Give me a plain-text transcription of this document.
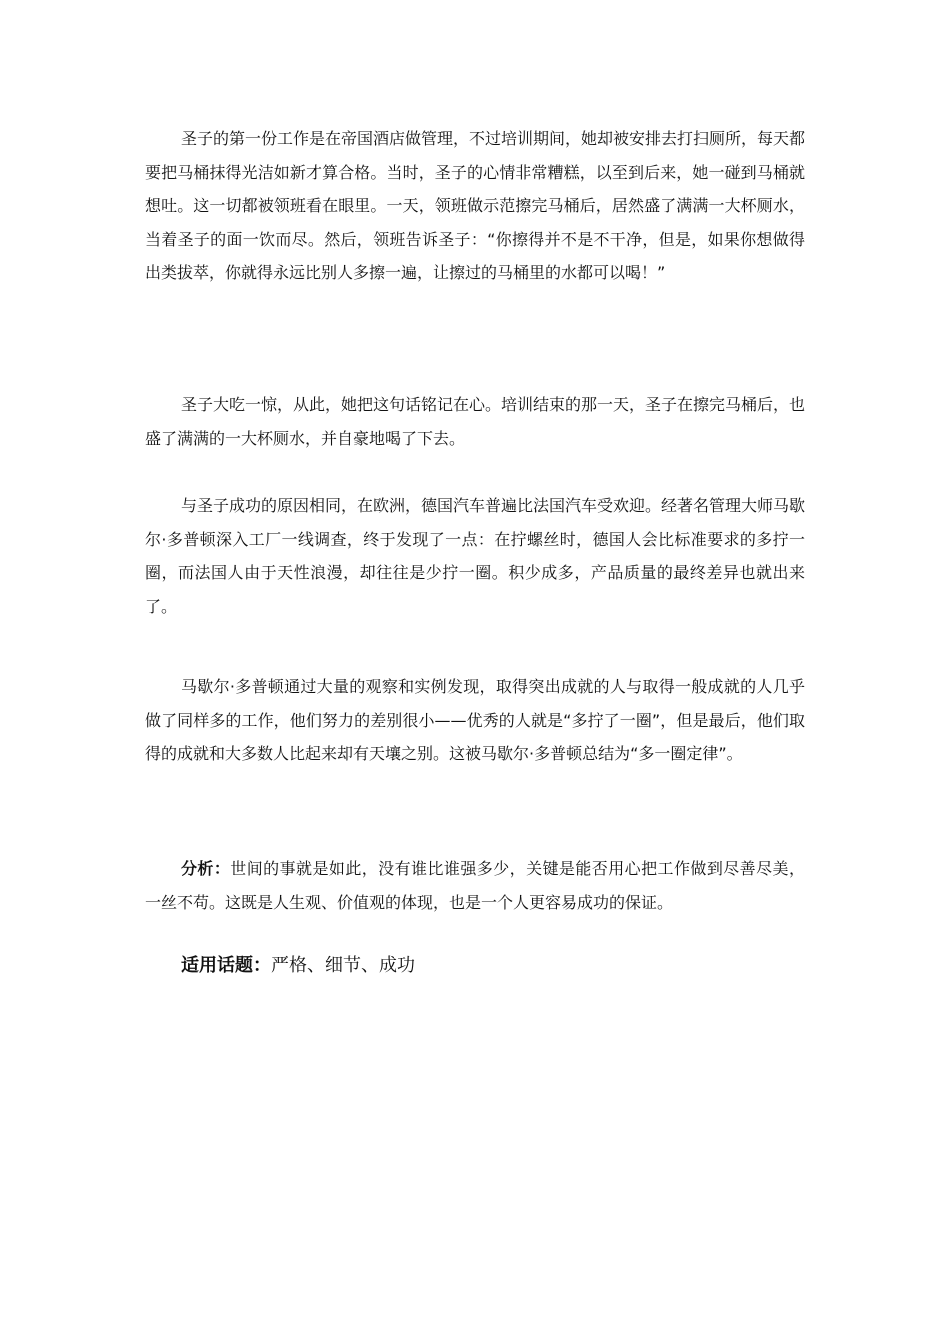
圣子的第一份工作是在帝国酒店做管理，不过培训期间，她却被安排去打扫厕所，每天都要把马桶抹得光洁如新才算合格。当时，圣子的心情非常糟糕，以至到后来，她一碰到马桶就想吐。这一切都被领班看在眼里。一天，领班做示范擦完马桶后，居然盛了满满一大杯厕水，当着圣子的面一饮而尽。然后，领班告诉圣子：“你擦得并不是不干净，但是，如果你想做得出类拔萃，你就得永远比别人多擦一遍，让擦过的马桶里的水都可以喝！”

圣子大吃一惊，从此，她把这句话铭记在心。培训结束的那一天，圣子在擦完马桶后，也盛了满满的一大杯厕水，并自豪地喝了下去。

与圣子成功的原因相同，在欧洲，德国汽车普遍比法国汽车受欢迎。经著名管理大师马歇尔·多普顿深入工厂一线调查，终于发现了一点：在拧螺丝时，德国人会比标准要求的多拧一圈，而法国人由于天性浪漫，却往往是少拧一圈。积少成多，产品质量的最终差异也就出来了。

马歇尔·多普顿通过大量的观察和实例发现，取得突出成就的人与取得一般成就的人几乎做了同样多的工作，他们努力的差别很小——优秀的人就是“多拧了一圈”，但是最后，他们取得的成就和大多数人比起来却有天壤之别。这被马歇尔·多普顿总结为“多一圈定律”。

分析：世间的事就是如此，没有谁比谁强多少，关键是能否用心把工作做到尽善尽美，一丝不苟。这既是人生观、价值观的体现，也是一个人更容易成功的保证。

适用话题：严格、细节、成功
